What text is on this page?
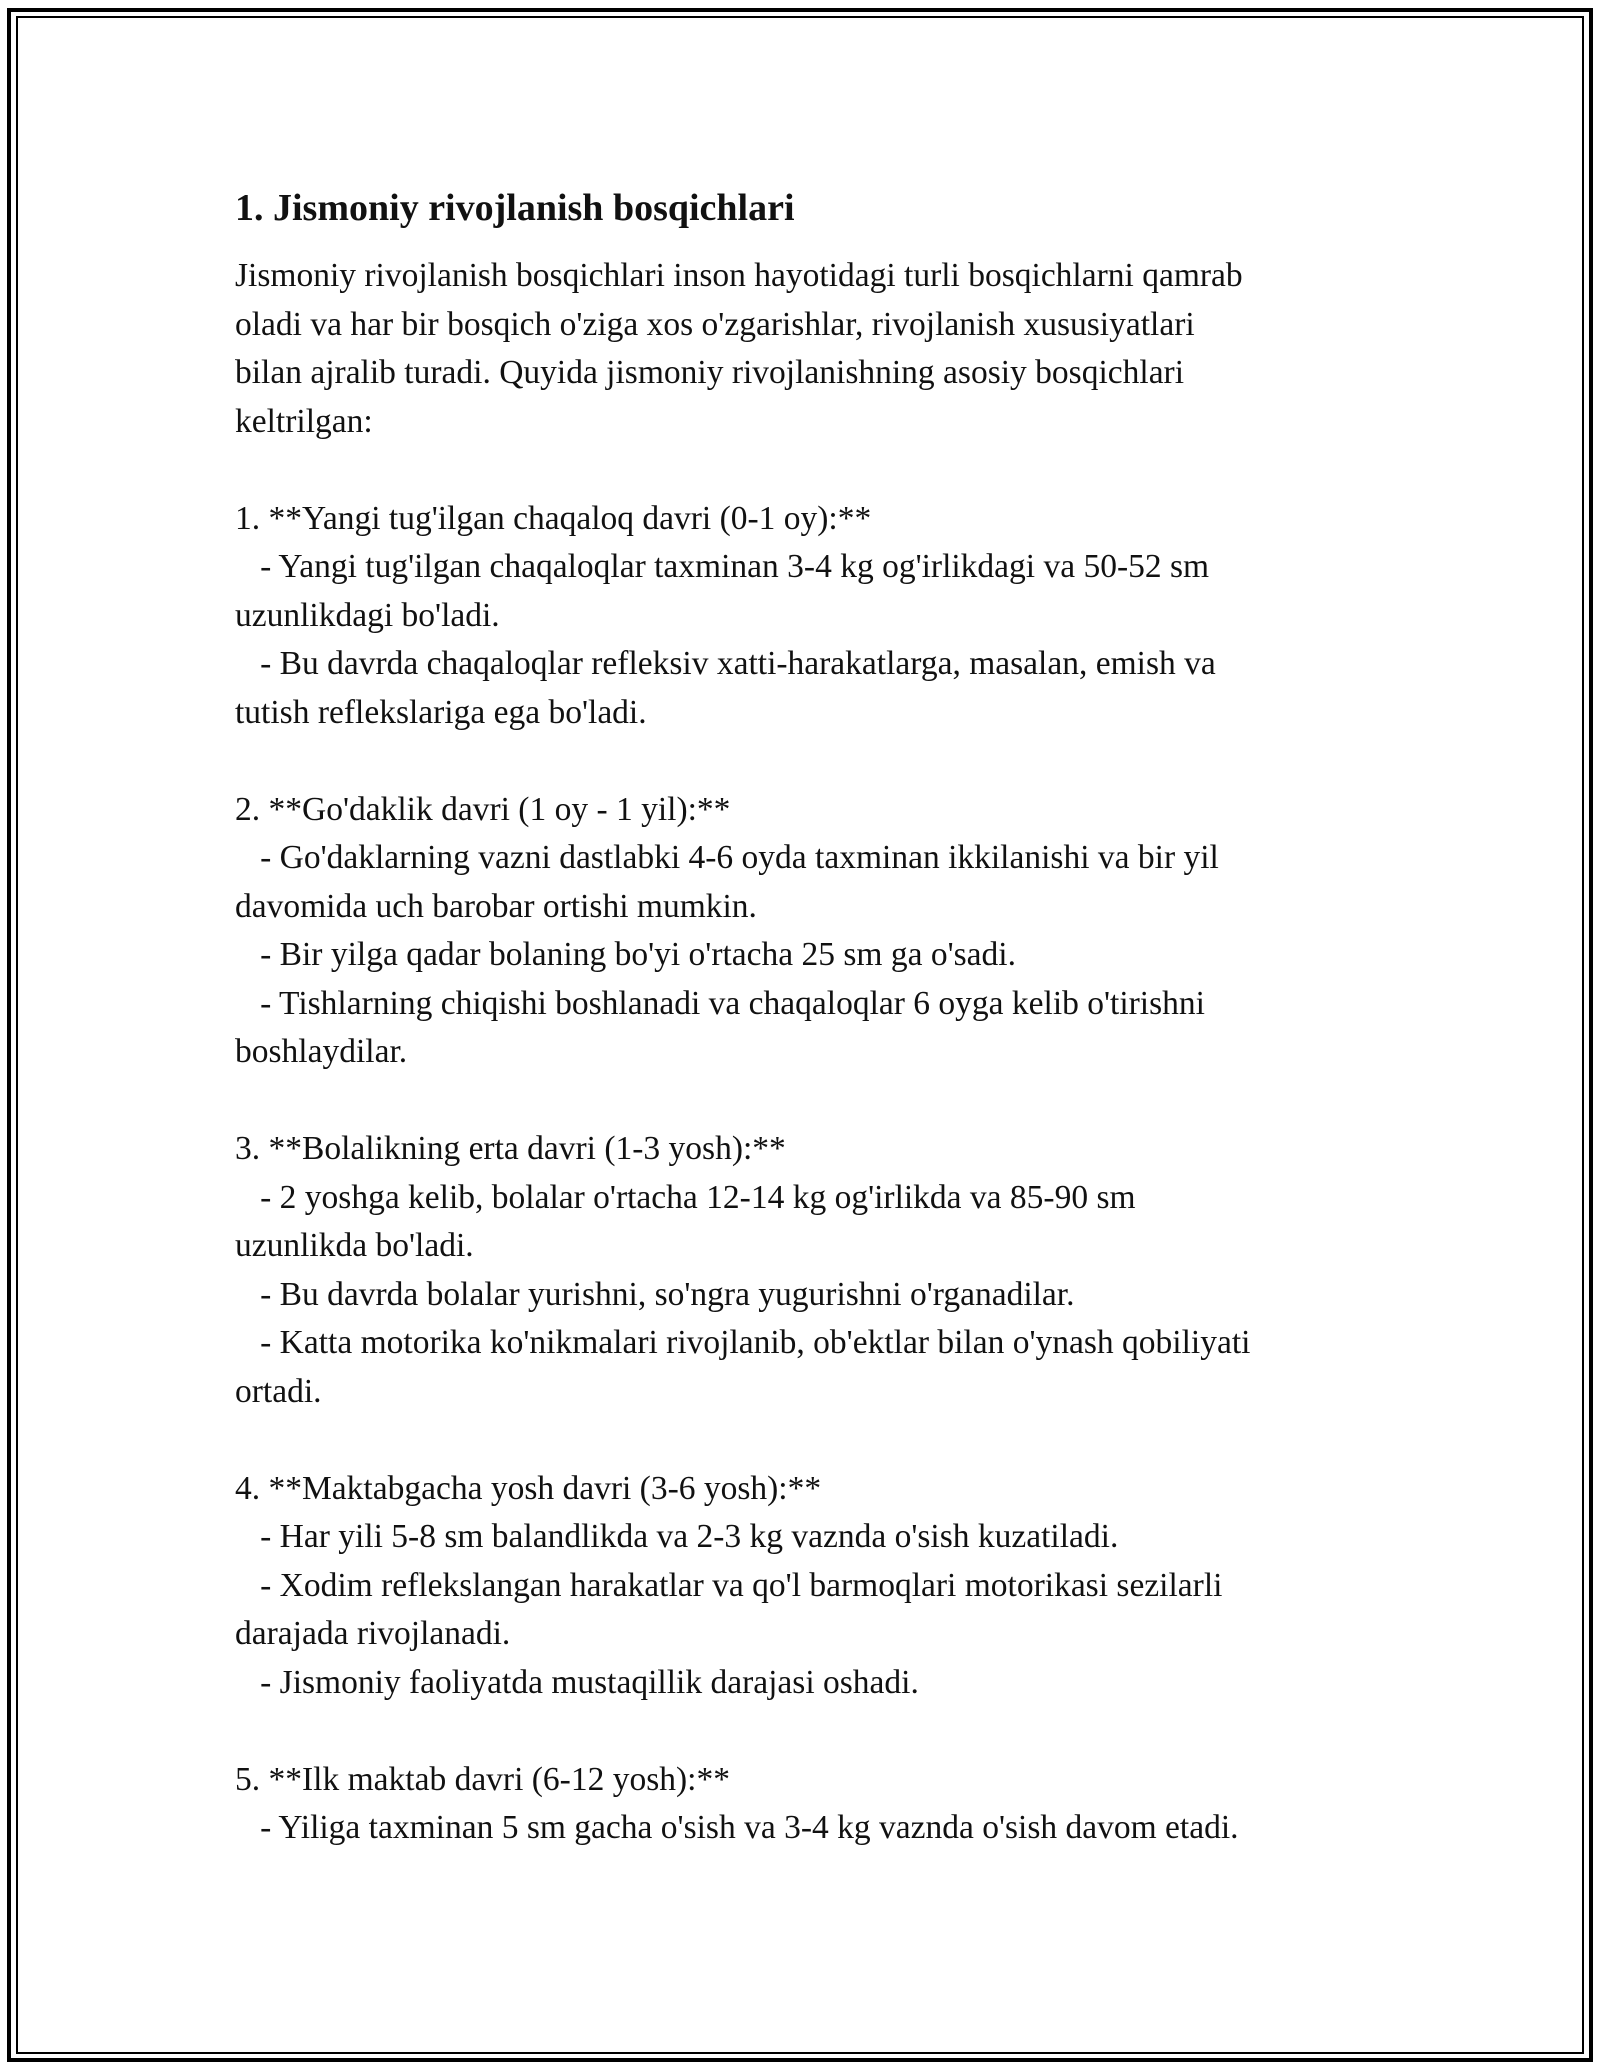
1. Jismoniy rivojlanish bosqichlari

Jismoniy rivojlanish bosqichlari inson hayotidagi turli bosqichlarni qamrab
oladi va har bir bosqich o'ziga xos o'zgarishlar, rivojlanish xususiyatlari
bilan ajralib turadi. Quyida jismoniy rivojlanishning asosiy bosqichlari
keltrilgan:

1. **Yangi tug'ilgan chaqaloq davri (0-1 oy):**

- Yangi tug'ilgan chaqaloqlar taxminan 3-4 kg og'irlikdagi va 50-52 sm
uzunlikdagi bo'ladi.

- Bu davrda chaqaloqlar refleksiv xatti-harakatlarga, masalan, emish va
tutish reflekslariga ega bo'ladi.

2. **Go'daklik davri (1 oy - 1 yil):**

- Go'daklarning vazni dastlabki 4-6 oyda taxminan ikkilanishi va bir yil
davomida uch barobar ortishi mumkin.

- Bir yilga qadar bolaning bo'yi o'rtacha 25 sm ga o'sadi.

- Tishlarning chiqishi boshlanadi va chaqaloqlar 6 oyga kelib o'tirishni
boshlaydilar.

3. **Bolalikning erta davri (1-3 yosh):**

- 2 yoshga kelib, bolalar o'rtacha 12-14 kg og'irlikda va 85-90 sm
uzunlikda bo'ladi.

- Bu davrda bolalar yurishni, so'ngra yugurishni o'rganadilar.

- Katta motorika ko'nikmalari rivojlanib, ob'ektlar bilan o'ynash qobiliyati
ortadi.

4. **Maktabgacha yosh davri (3-6 yosh):**

- Har yili 5-8 sm balandlikda va 2-3 kg vaznda o'sish kuzatiladi.

- Xodim reflekslangan harakatlar va qo'l barmoqlari motorikasi sezilarli
darajada rivojlanadi.

- Jismoniy faoliyatda mustaqillik darajasi oshadi.

5. **Ilk maktab davri (6-12 yosh):**

- Yiliga taxminan 5 sm gacha o'sish va 3-4 kg vaznda o'sish davom etadi.
